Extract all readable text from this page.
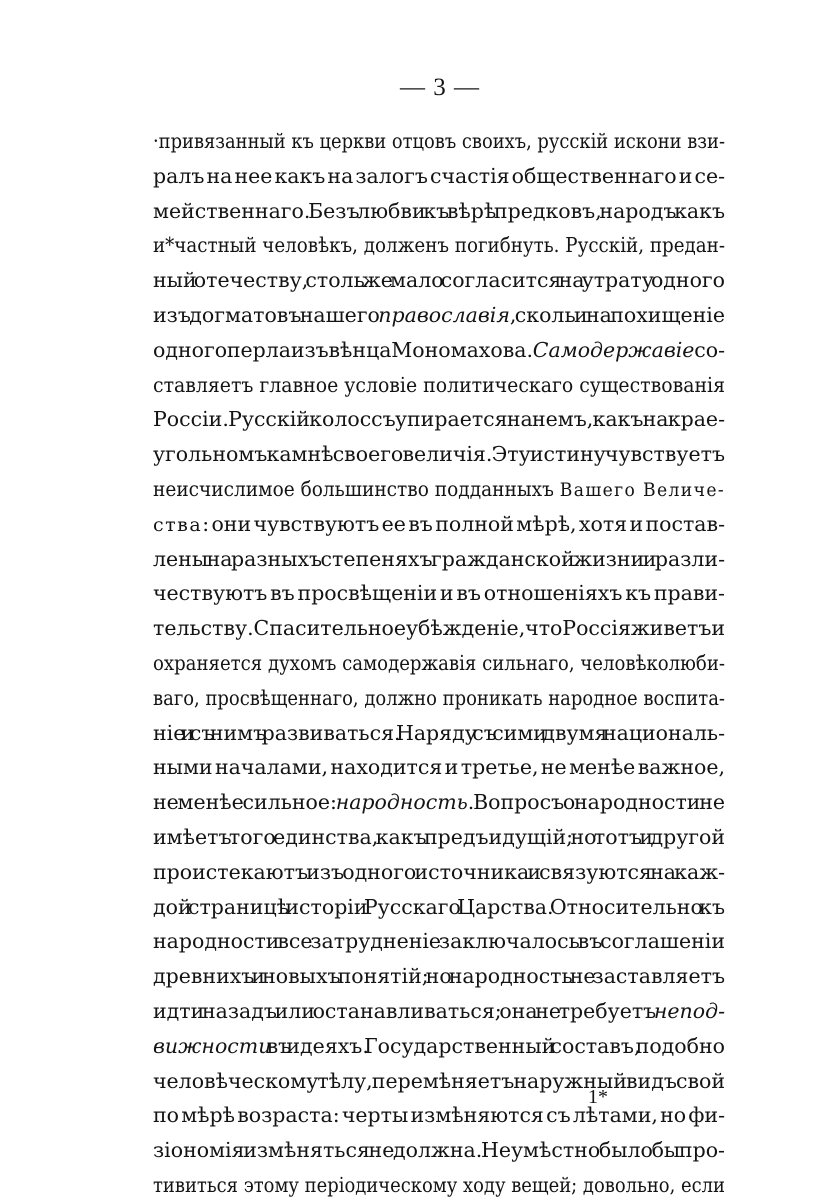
— 3 —
·привязанный къ церкви отцовъ своихъ, русскій искони взи-
ралъ на нее какъ на залогъ счастія общественнаго и се-
мейственнаго. Безъ любви къ вѣрѣ предковъ, народъ какъ
и*частный человѣкъ, долженъ погибнуть. Русскій, предан-
ный отечеству, столь же мало согласится на утрату одного
изъ догматовъ нашего православія, сколь и на похищеніе
одного перла изъ вѣнца Мономахова. Самодержавіе со-
ставляетъ главное условіе политическаго существованія
Россіи. Русскій колоссъ упирается на немъ, какъ на крае-
угольномъ камнѣ своего величія. Эту истину чувствуетъ
неисчислимое большинство подданныхъ Вашего Величе-
ства: они чувствуютъ ее въ полной мѣрѣ, хотя и постав-
лены на разныхъ степеняхъ гражданской жизни и разли-
чествуютъ въ просвѣщеніи и въ отношеніяхъ къ прави-
тельству. Спасительное убѣжденіе, что Россія живетъ и
охраняется духомъ самодержавія сильнаго, человѣколюби-
ваго, просвѣщеннаго, должно проникать народное воспита-
ніе и съ нимъ развиваться. Наряду съ сими двумя националь-
ными началами, находится и третье, не менѣе важное,
не менѣе сильное: народность. Вопросъ о народности не
имѣетъ того единства, какъ предъидущій; но тотъ и другой
проистекаютъ изъ одного источника и связуются на каж-
дой страницѣ исторіи Русскаго Царства. Относительно къ
народности все затрудненіе заключалось въ соглашеніи
древнихъ и новыхъ понятій; но народность не заставляетъ
идти назадъ или останавливаться; она не требуетъ непод-
вижности въ идеяхъ. Государственный составъ, подобно
человѣческому тѣлу, перемѣняетъ наружный видъ свой
по мѣрѣ возраста: черты измѣняются съ лѣтами, но фи-
зіономія измѣняться не должна. Неумѣстно было бы про-
тивиться этому періодическому ходу вещей; довольно, если
1*
